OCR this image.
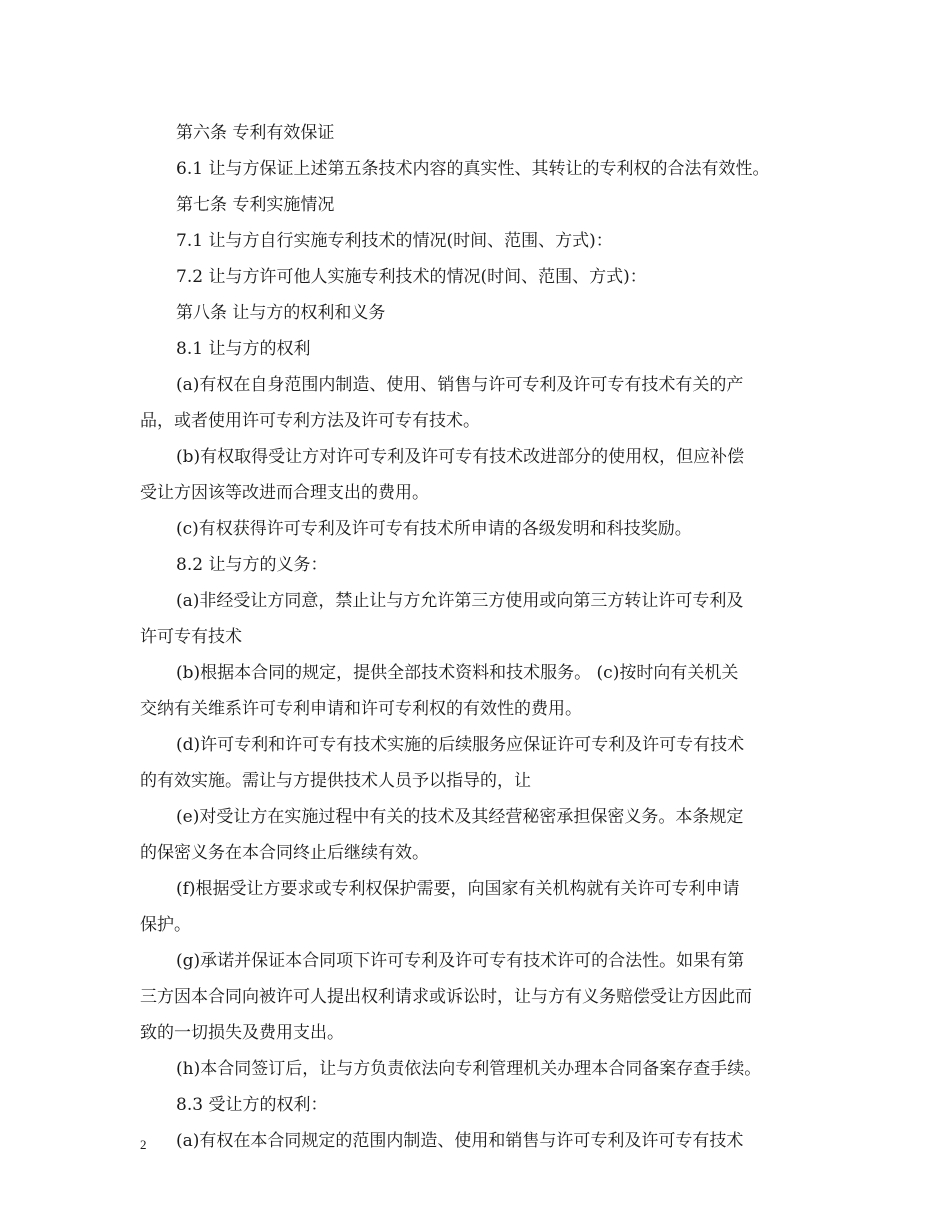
第六条 专利有效保证
6.1 让与方保证上述第五条技术内容的真实性、其转让的专利权的合法有效性。
第七条 专利实施情况
7.1 让与方自行实施专利技术的情况(时间、范围、方式)：
7.2 让与方许可他人实施专利技术的情况(时间、范围、方式)：
第八条 让与方的权利和义务
8.1 让与方的权利
(a)有权在自身范围内制造、使用、销售与许可专利及许可专有技术有关的产
品，或者使用许可专利方法及许可专有技术。
(b)有权取得受让方对许可专利及许可专有技术改进部分的使用权，但应补偿
受让方因该等改进而合理支出的费用。
(c)有权获得许可专利及许可专有技术所申请的各级发明和科技奖励。
8.2 让与方的义务：
(a)非经受让方同意，禁止让与方允许第三方使用或向第三方转让许可专利及
许可专有技术
(b)根据本合同的规定，提供全部技术资料和技术服务。 (c)按时向有关机关
交纳有关维系许可专利申请和许可专利权的有效性的费用。
(d)许可专利和许可专有技术实施的后续服务应保证许可专利及许可专有技术
的有效实施。需让与方提供技术人员予以指导的，让
(e)对受让方在实施过程中有关的技术及其经营秘密承担保密义务。本条规定
的保密义务在本合同终止后继续有效。
(f)根据受让方要求或专利权保护需要，向国家有关机构就有关许可专利申请
保护。
(g)承诺并保证本合同项下许可专利及许可专有技术许可的合法性。如果有第
三方因本合同向被许可人提出权利请求或诉讼时，让与方有义务赔偿受让方因此而
致的一切损失及费用支出。
(h)本合同签订后，让与方负责依法向专利管理机关办理本合同备案存查手续。
8.3 受让方的权利：
(a)有权在本合同规定的范围内制造、使用和销售与许可专利及许可专有技术
2
